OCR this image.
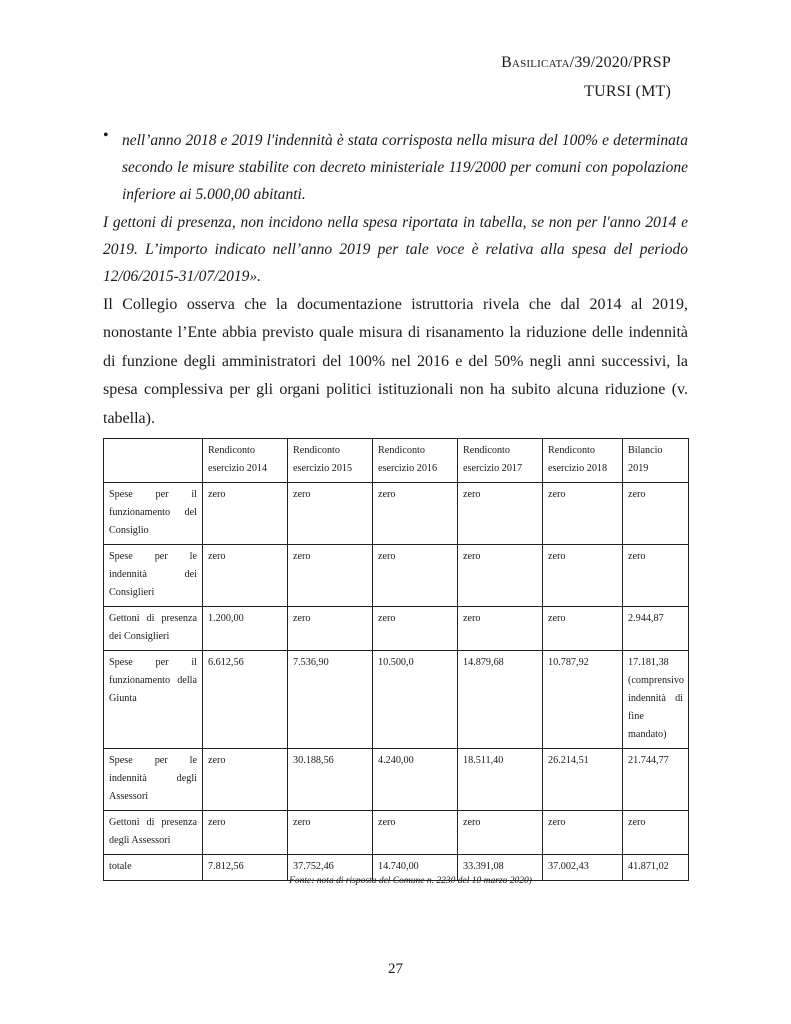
Basilicata/39/2020/PRSP
TURSI (MT)
• nell’anno 2018 e 2019 l'indennità è stata corrisposta nella misura del 100% e determinata secondo le misure stabilite con decreto ministeriale 119/2000 per comuni con popolazione inferiore ai 5.000,00 abitanti.
I gettoni di presenza, non incidono nella spesa riportata in tabella, se non per l'anno 2014 e 2019. L’importo indicato nell’anno 2019 per tale voce è relativa alla spesa del periodo 12/06/2015-31/07/2019».
Il Collegio osserva che la documentazione istruttoria rivela che dal 2014 al 2019, nonostante l’Ente abbia previsto quale misura di risanamento la riduzione delle indennità di funzione degli amministratori del 100% nel 2016 e del 50% negli anni successivi, la spesa complessiva per gli organi politici istituzionali non ha subito alcuna riduzione (v. tabella).
	Rendiconto esercizio 2014	Rendiconto esercizio 2015	Rendiconto esercizio 2016	Rendiconto esercizio 2017	Rendiconto esercizio 2018	Bilancio 2019
Spese per il funzionamento del Consiglio	zero	zero	zero	zero	zero	zero
Spese per le indennità dei Consiglieri	zero	zero	zero	zero	zero	zero
Gettoni di presenza dei Consiglieri	1.200,00	zero	zero	zero	zero	2.944,87
Spese per il funzionamento della Giunta	6.612,56	7.536,90	10.500,0	14.879,68	10.787,92	17.181,38
(comprensivo indennità di fine mandato)

Spese per le indennità degli Assessori	zero	30.188,56	4.240,00	18.511,40	26.214,51	21.744,77
Gettoni di presenza degli Assessori	zero	zero	zero	zero	zero	zero
totale	7.812,56	37.752,46	14.740,00	33.391,08	37.002,43	41.871,02
Fonte: nota di risposta del Comune n. 2230 del 10 marzo 2020)
27
